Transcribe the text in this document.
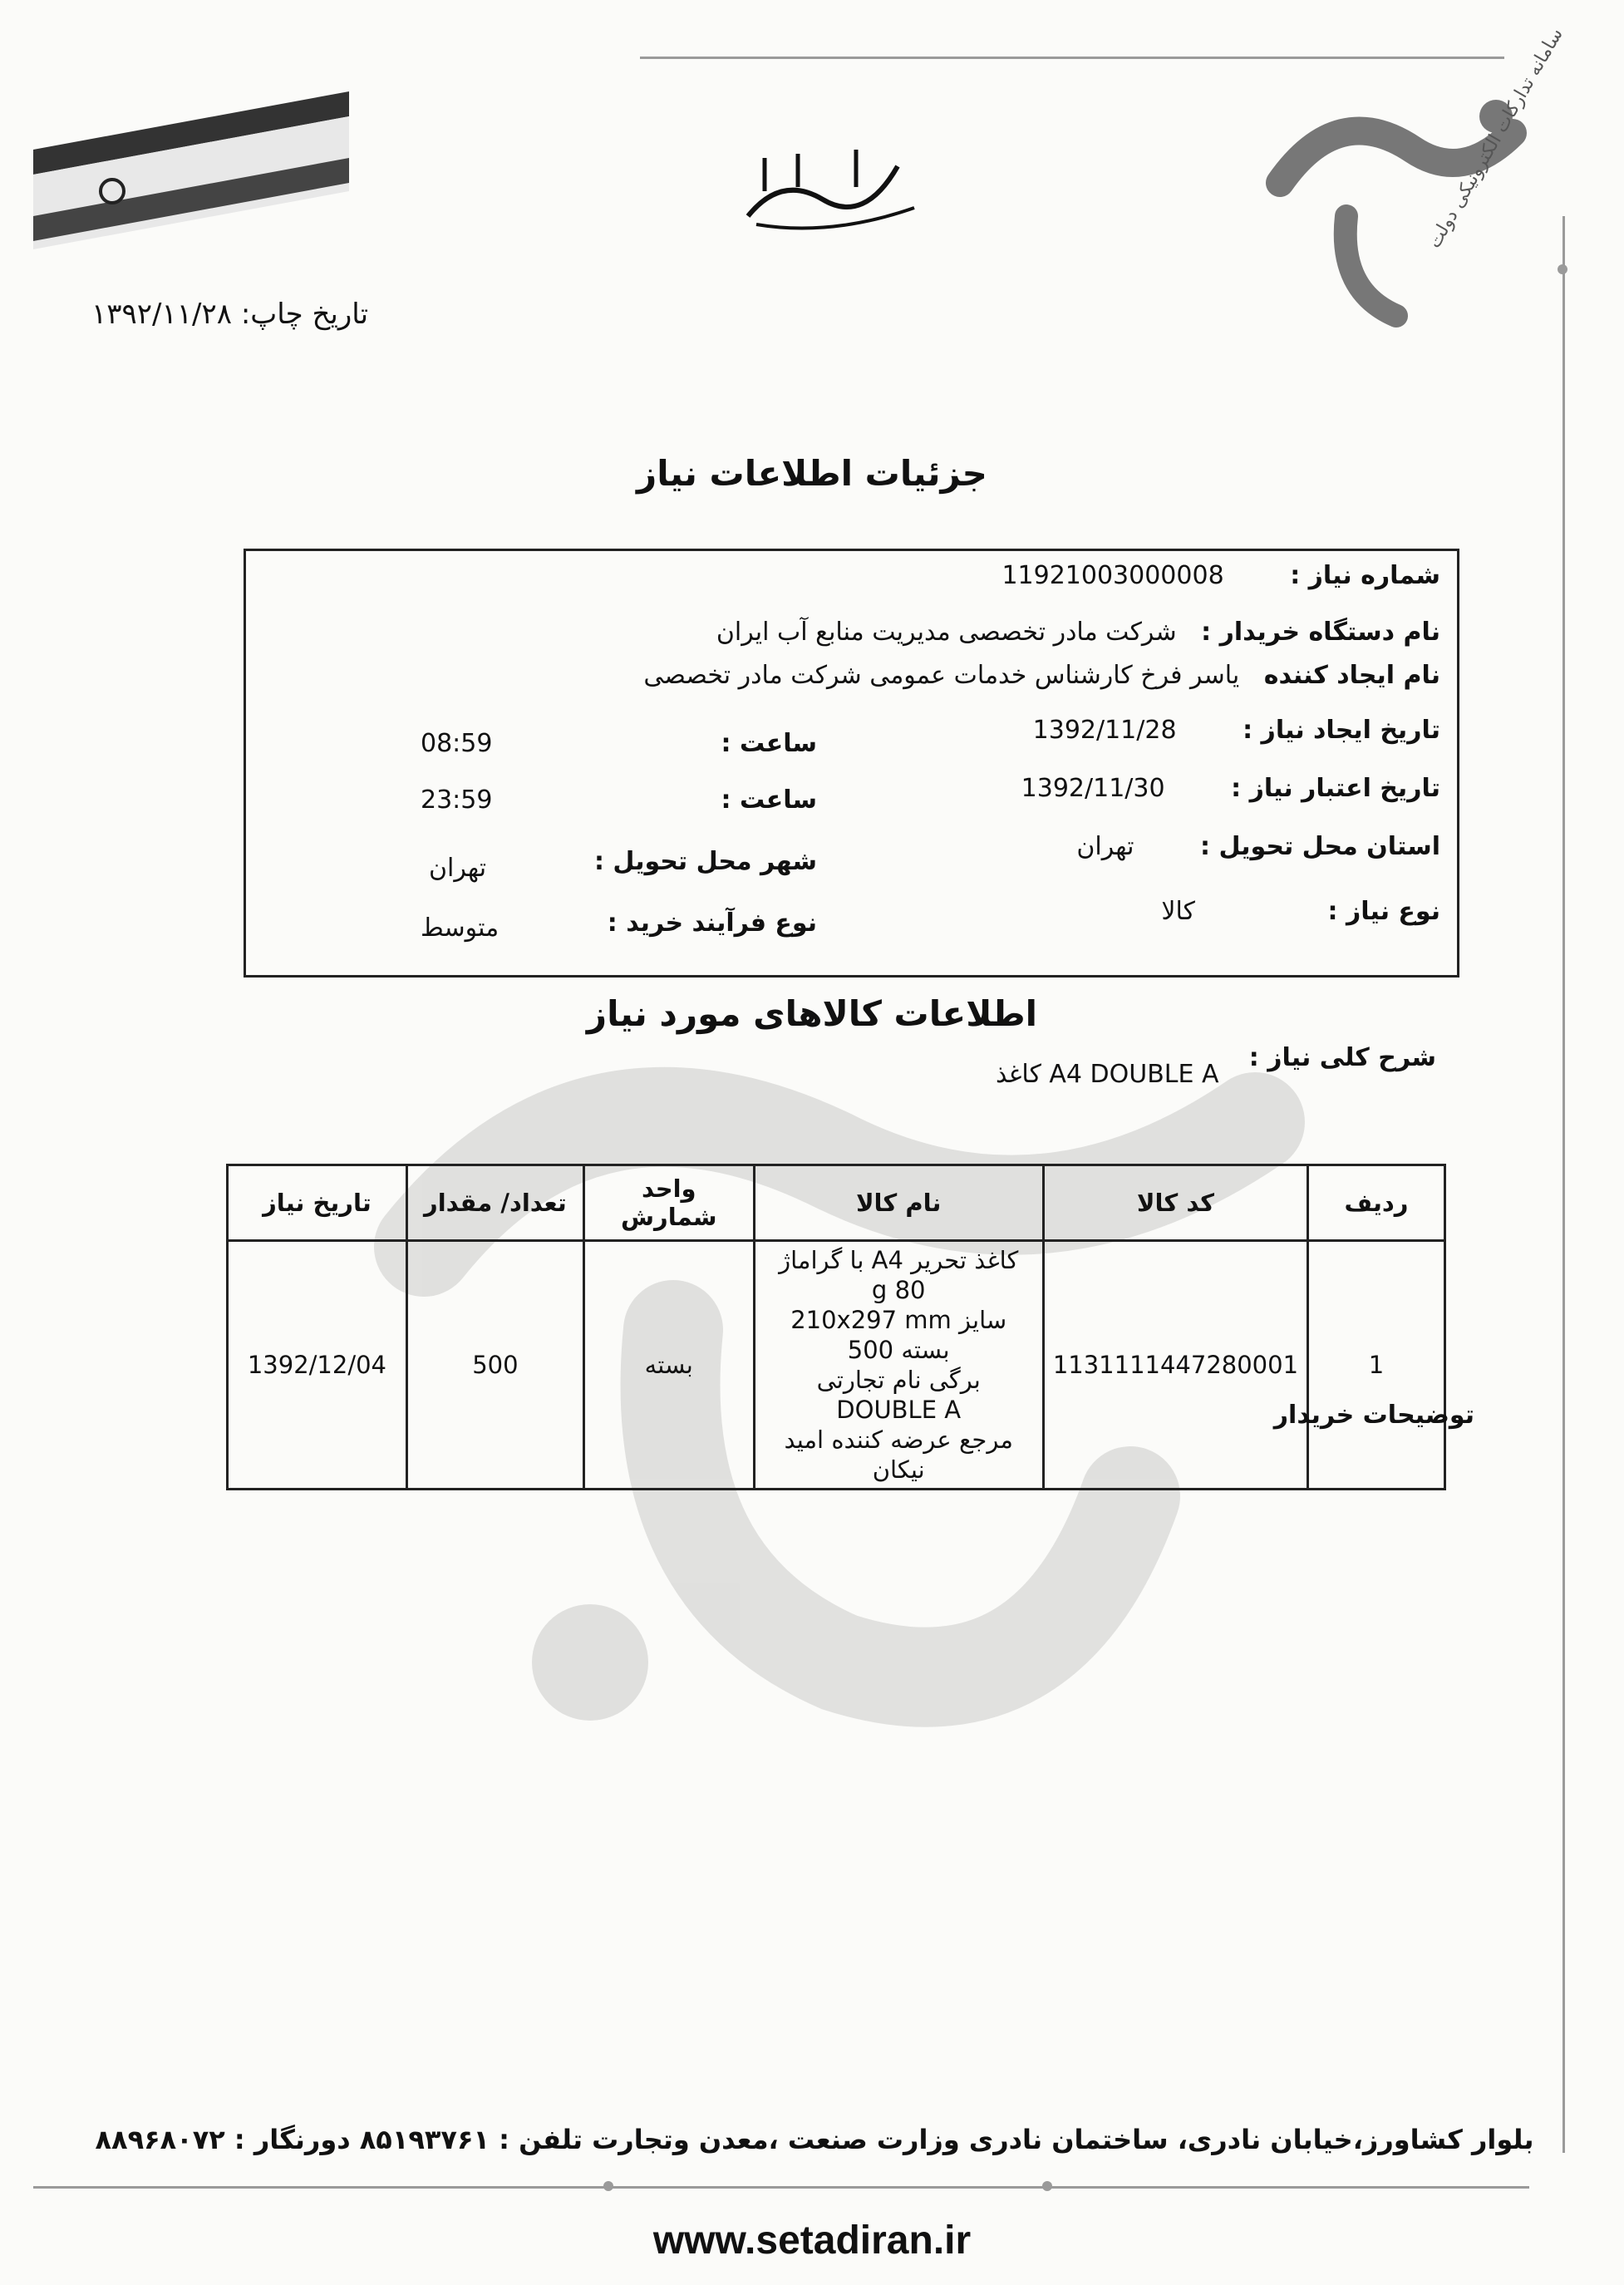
بسم الله الرحمن الرحیم	سامانه تدارکات الکترونیکی دولت
تاریخ چاپ: ۱۳۹۲/۱۱/۲۸
جزئیات اطلاعات نیاز
شماره نیاز : 11921003000008
نام دستگاه خریدار : شرکت مادر تخصصی مدیریت منابع آب ایران
نام ایجاد کننده یاسر فرخ کارشناس خدمات عمومی شرکت مادر تخصصی
تاریخ ایجاد نیاز : 1392/11/28
ساعت :
08:59
تاریخ اعتبار نیاز : 1392/11/30
ساعت :
23:59
استان محل تحویل : تهران
شهر محل تحویل :
تهران
نوع نیاز : کالا
نوع فرآیند خرید :
متوسط
اطلاعات کالاهای مورد نیاز
شرح کلی نیاز :
کاغذ A4 DOUBLE A
ردیف	کد کالا	نام کالا	واحد شمارش	تعداد/ مقدار	تاریخ نیاز
1	1131111447280001	کاغذ تحریر A4 با گراماژ 80 g
سایز 210x297 mm بسته 500
برگی نام تجارتی DOUBLE A
مرجع عرضه کننده امید نیکان	بسته	500	1392/12/04
توضیحات خریدار
بلوار کشاورز،خیابان نادری، ساختمان نادری وزارت صنعت ،معدن وتجارت تلفن : ۸۵۱۹۳۷۶۱ دورنگار : ۸۸۹۶۸۰۷۲
www.setadiran.ir
